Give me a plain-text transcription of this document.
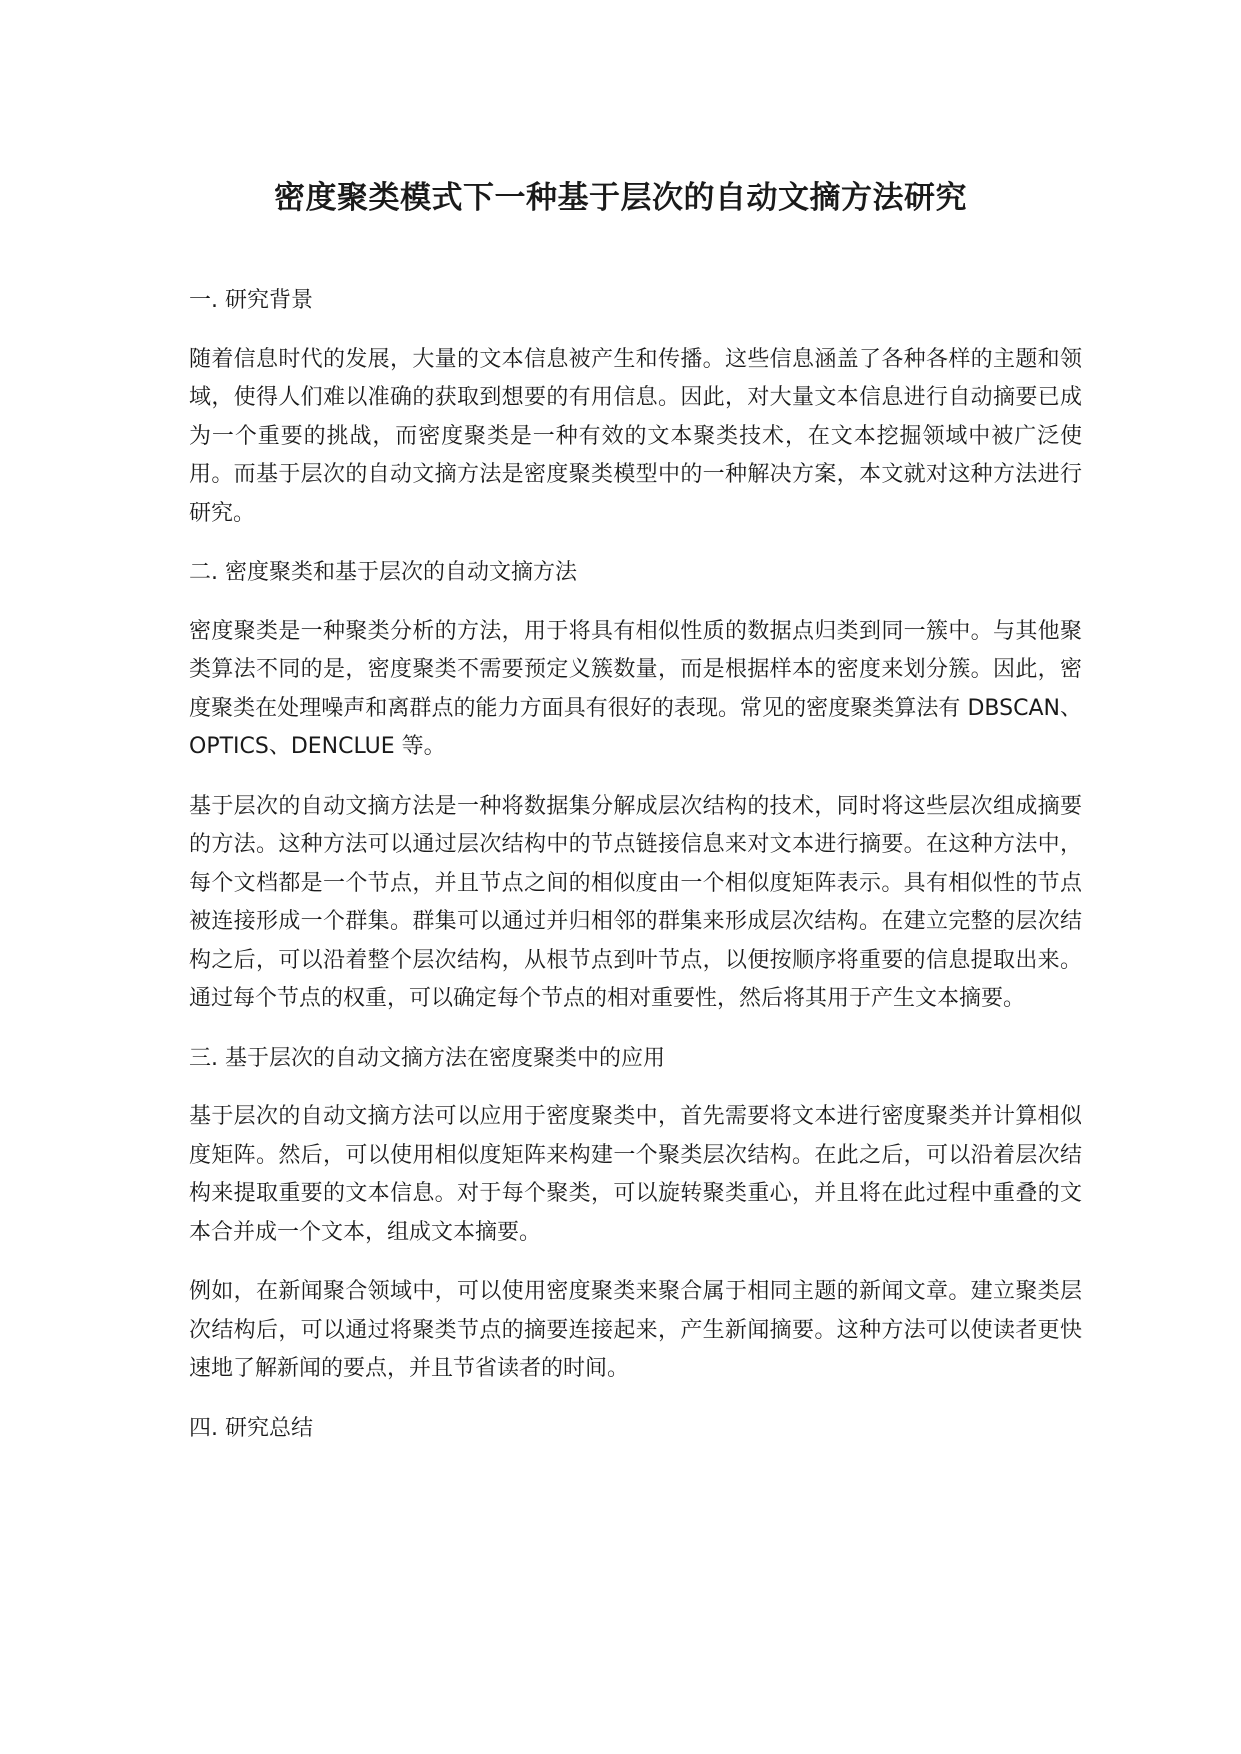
密度聚类模式下一种基于层次的自动文摘方法研究
一. 研究背景

随着信息时代的发展，大量的文本信息被产生和传播。这些信息涵盖了各种各样的主题和领域，使得人们难以准确的获取到想要的有用信息。因此，对大量文本信息进行自动摘要已成为一个重要的挑战，而密度聚类是一种有效的文本聚类技术，在文本挖掘领域中被广泛使用。而基于层次的自动文摘方法是密度聚类模型中的一种解决方案，本文就对这种方法进行研究。

二. 密度聚类和基于层次的自动文摘方法

密度聚类是一种聚类分析的方法，用于将具有相似性质的数据点归类到同一簇中。与其他聚类算法不同的是，密度聚类不需要预定义簇数量，而是根据样本的密度来划分簇。因此，密度聚类在处理噪声和离群点的能力方面具有很好的表现。常见的密度聚类算法有 DBSCAN、OPTICS、DENCLUE 等。

基于层次的自动文摘方法是一种将数据集分解成层次结构的技术，同时将这些层次组成摘要的方法。这种方法可以通过层次结构中的节点链接信息来对文本进行摘要。在这种方法中，每个文档都是一个节点，并且节点之间的相似度由一个相似度矩阵表示。具有相似性的节点被连接形成一个群集。群集可以通过并归相邻的群集来形成层次结构。在建立完整的层次结构之后，可以沿着整个层次结构，从根节点到叶节点，以便按顺序将重要的信息提取出来。通过每个节点的权重，可以确定每个节点的相对重要性，然后将其用于产生文本摘要。

三. 基于层次的自动文摘方法在密度聚类中的应用

基于层次的自动文摘方法可以应用于密度聚类中，首先需要将文本进行密度聚类并计算相似度矩阵。然后，可以使用相似度矩阵来构建一个聚类层次结构。在此之后，可以沿着层次结构来提取重要的文本信息。对于每个聚类，可以旋转聚类重心，并且将在此过程中重叠的文本合并成一个文本，组成文本摘要。

例如，在新闻聚合领域中，可以使用密度聚类来聚合属于相同主题的新闻文章。建立聚类层次结构后，可以通过将聚类节点的摘要连接起来，产生新闻摘要。这种方法可以使读者更快速地了解新闻的要点，并且节省读者的时间。

四. 研究总结
